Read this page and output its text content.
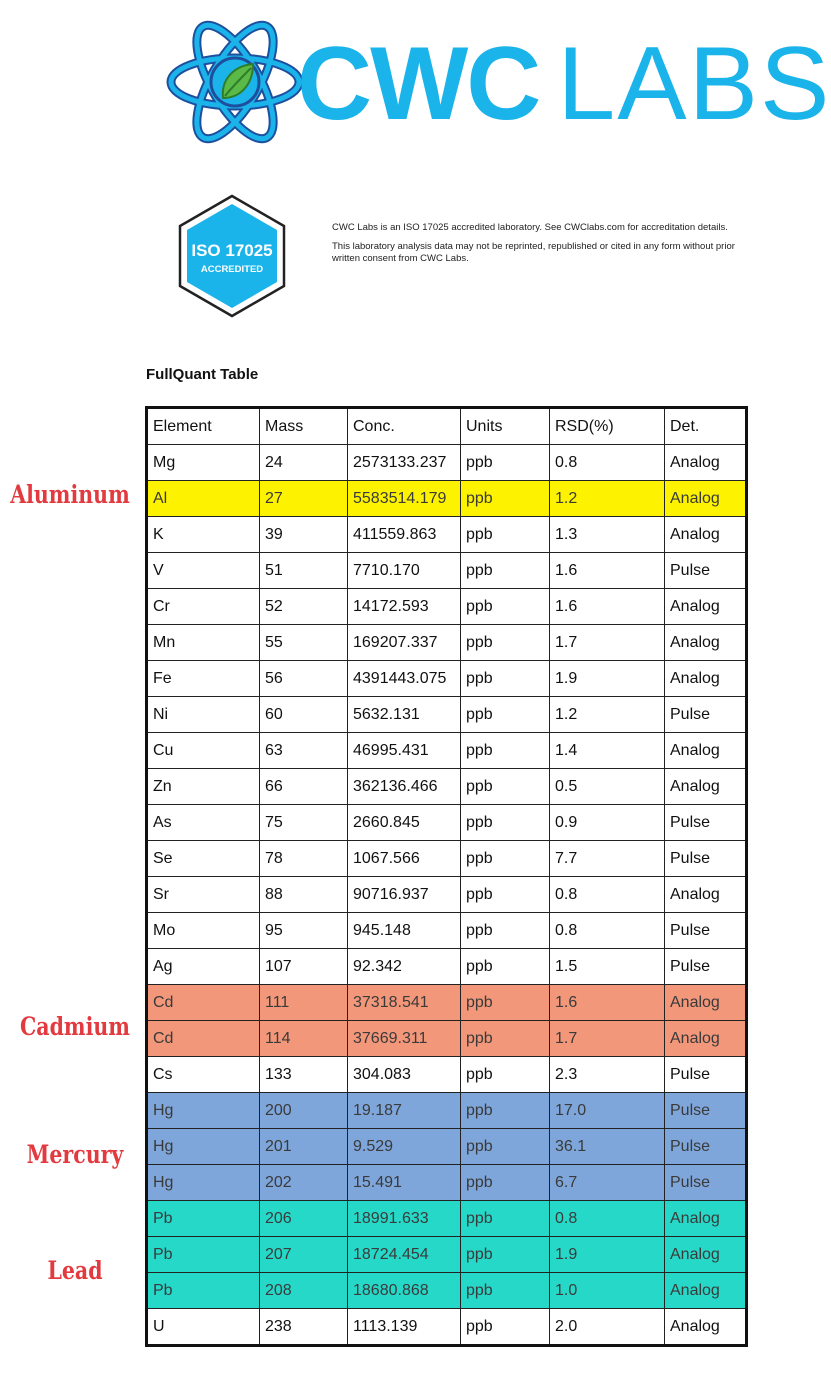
CWC LABS
ISO 17025
ACCREDITED

CWC Labs is an ISO 17025 accredited laboratory. See CWClabs.com for accreditation details.

This laboratory analysis data may not be reprinted, republished or cited in any form without prior written consent from CWC Labs.

FullQuant Table
Element	Mass	Conc.	Units	RSD(%)	Det.
Mg	24	2573133.237	ppb	0.8	Analog
Al	27	5583514.179	ppb	1.2	Analog
K	39	411559.863	ppb	1.3	Analog
V	51	7710.170	ppb	1.6	Pulse
Cr	52	14172.593	ppb	1.6	Analog
Mn	55	169207.337	ppb	1.7	Analog
Fe	56	4391443.075	ppb	1.9	Analog
Ni	60	5632.131	ppb	1.2	Pulse
Cu	63	46995.431	ppb	1.4	Analog
Zn	66	362136.466	ppb	0.5	Analog
As	75	2660.845	ppb	0.9	Pulse
Se	78	1067.566	ppb	7.7	Pulse
Sr	88	90716.937	ppb	0.8	Analog
Mo	95	945.148	ppb	0.8	Pulse
Ag	107	92.342	ppb	1.5	Pulse
Cd	111	37318.541	ppb	1.6	Analog
Cd	114	37669.311	ppb	1.7	Analog
Cs	133	304.083	ppb	2.3	Pulse
Hg	200	19.187	ppb	17.0	Pulse
Hg	201	9.529	ppb	36.1	Pulse
Hg	202	15.491	ppb	6.7	Pulse
Pb	206	18991.633	ppb	0.8	Analog
Pb	207	18724.454	ppb	1.9	Analog
Pb	208	18680.868	ppb	1.0	Analog
U	238	1113.139	ppb	2.0	Analog
Aluminum
Cadmium
Mercury
Lead
